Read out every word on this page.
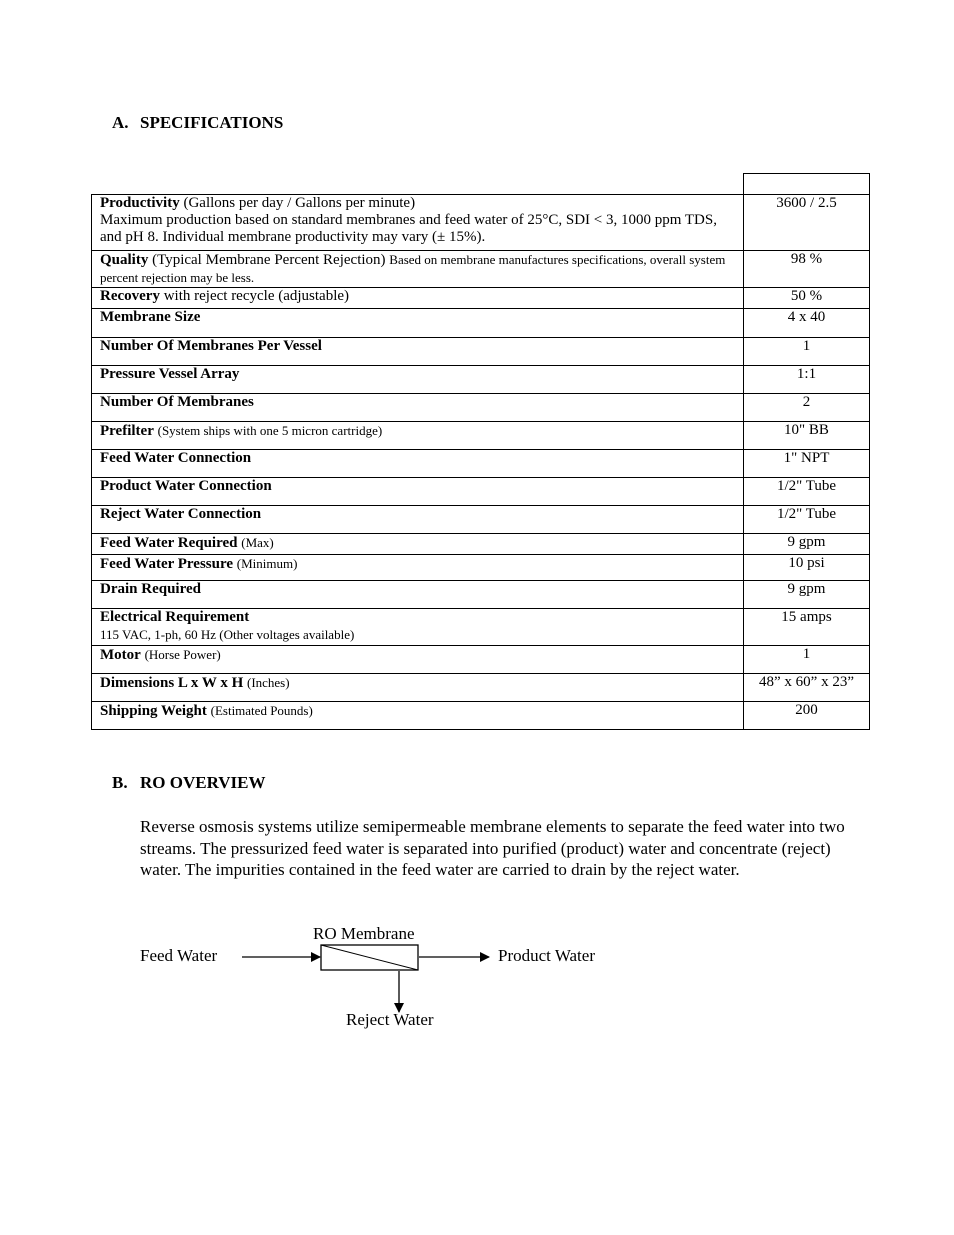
A. SPECIFICATIONS

Productivity (Gallons per day / Gallons per minute)
Maximum production based on standard membranes and feed water of 25°C, SDI < 3, 1000 ppm TDS, and pH 8. Individual membrane productivity may vary (± 15%).	3600 / 2.5
Quality (Typical Membrane Percent Rejection) Based on membrane manufactures specifications, overall system percent rejection may be less.	98 %
Recovery with reject recycle (adjustable)	50 %
Membrane Size	4 x 40
Number Of Membranes Per Vessel	1
Pressure Vessel Array	1:1
Number Of Membranes	2
Prefilter (System ships with one 5 micron cartridge)	10" BB
Feed Water Connection	1" NPT
Product Water Connection	1/2" Tube
Reject Water Connection	1/2" Tube
Feed Water Required (Max)	9 gpm
Feed Water Pressure (Minimum)	10 psi
Drain Required	9 gpm
Electrical Requirement
115 VAC, 1-ph, 60 Hz (Other voltages available)	15 amps
Motor (Horse Power)	1
Dimensions L x W x H (Inches)	48” x 60” x 23”
Shipping Weight (Estimated Pounds)	200
B. RO OVERVIEW

Reverse osmosis systems utilize semipermeable membrane elements to separate the feed water into two streams. The pressurized feed water is separated into purified (product) water and concentrate (reject) water. The impurities contained in the feed water are carried to drain by the reject water.

RO Membrane
Feed Water	Product Water
Reject Water
